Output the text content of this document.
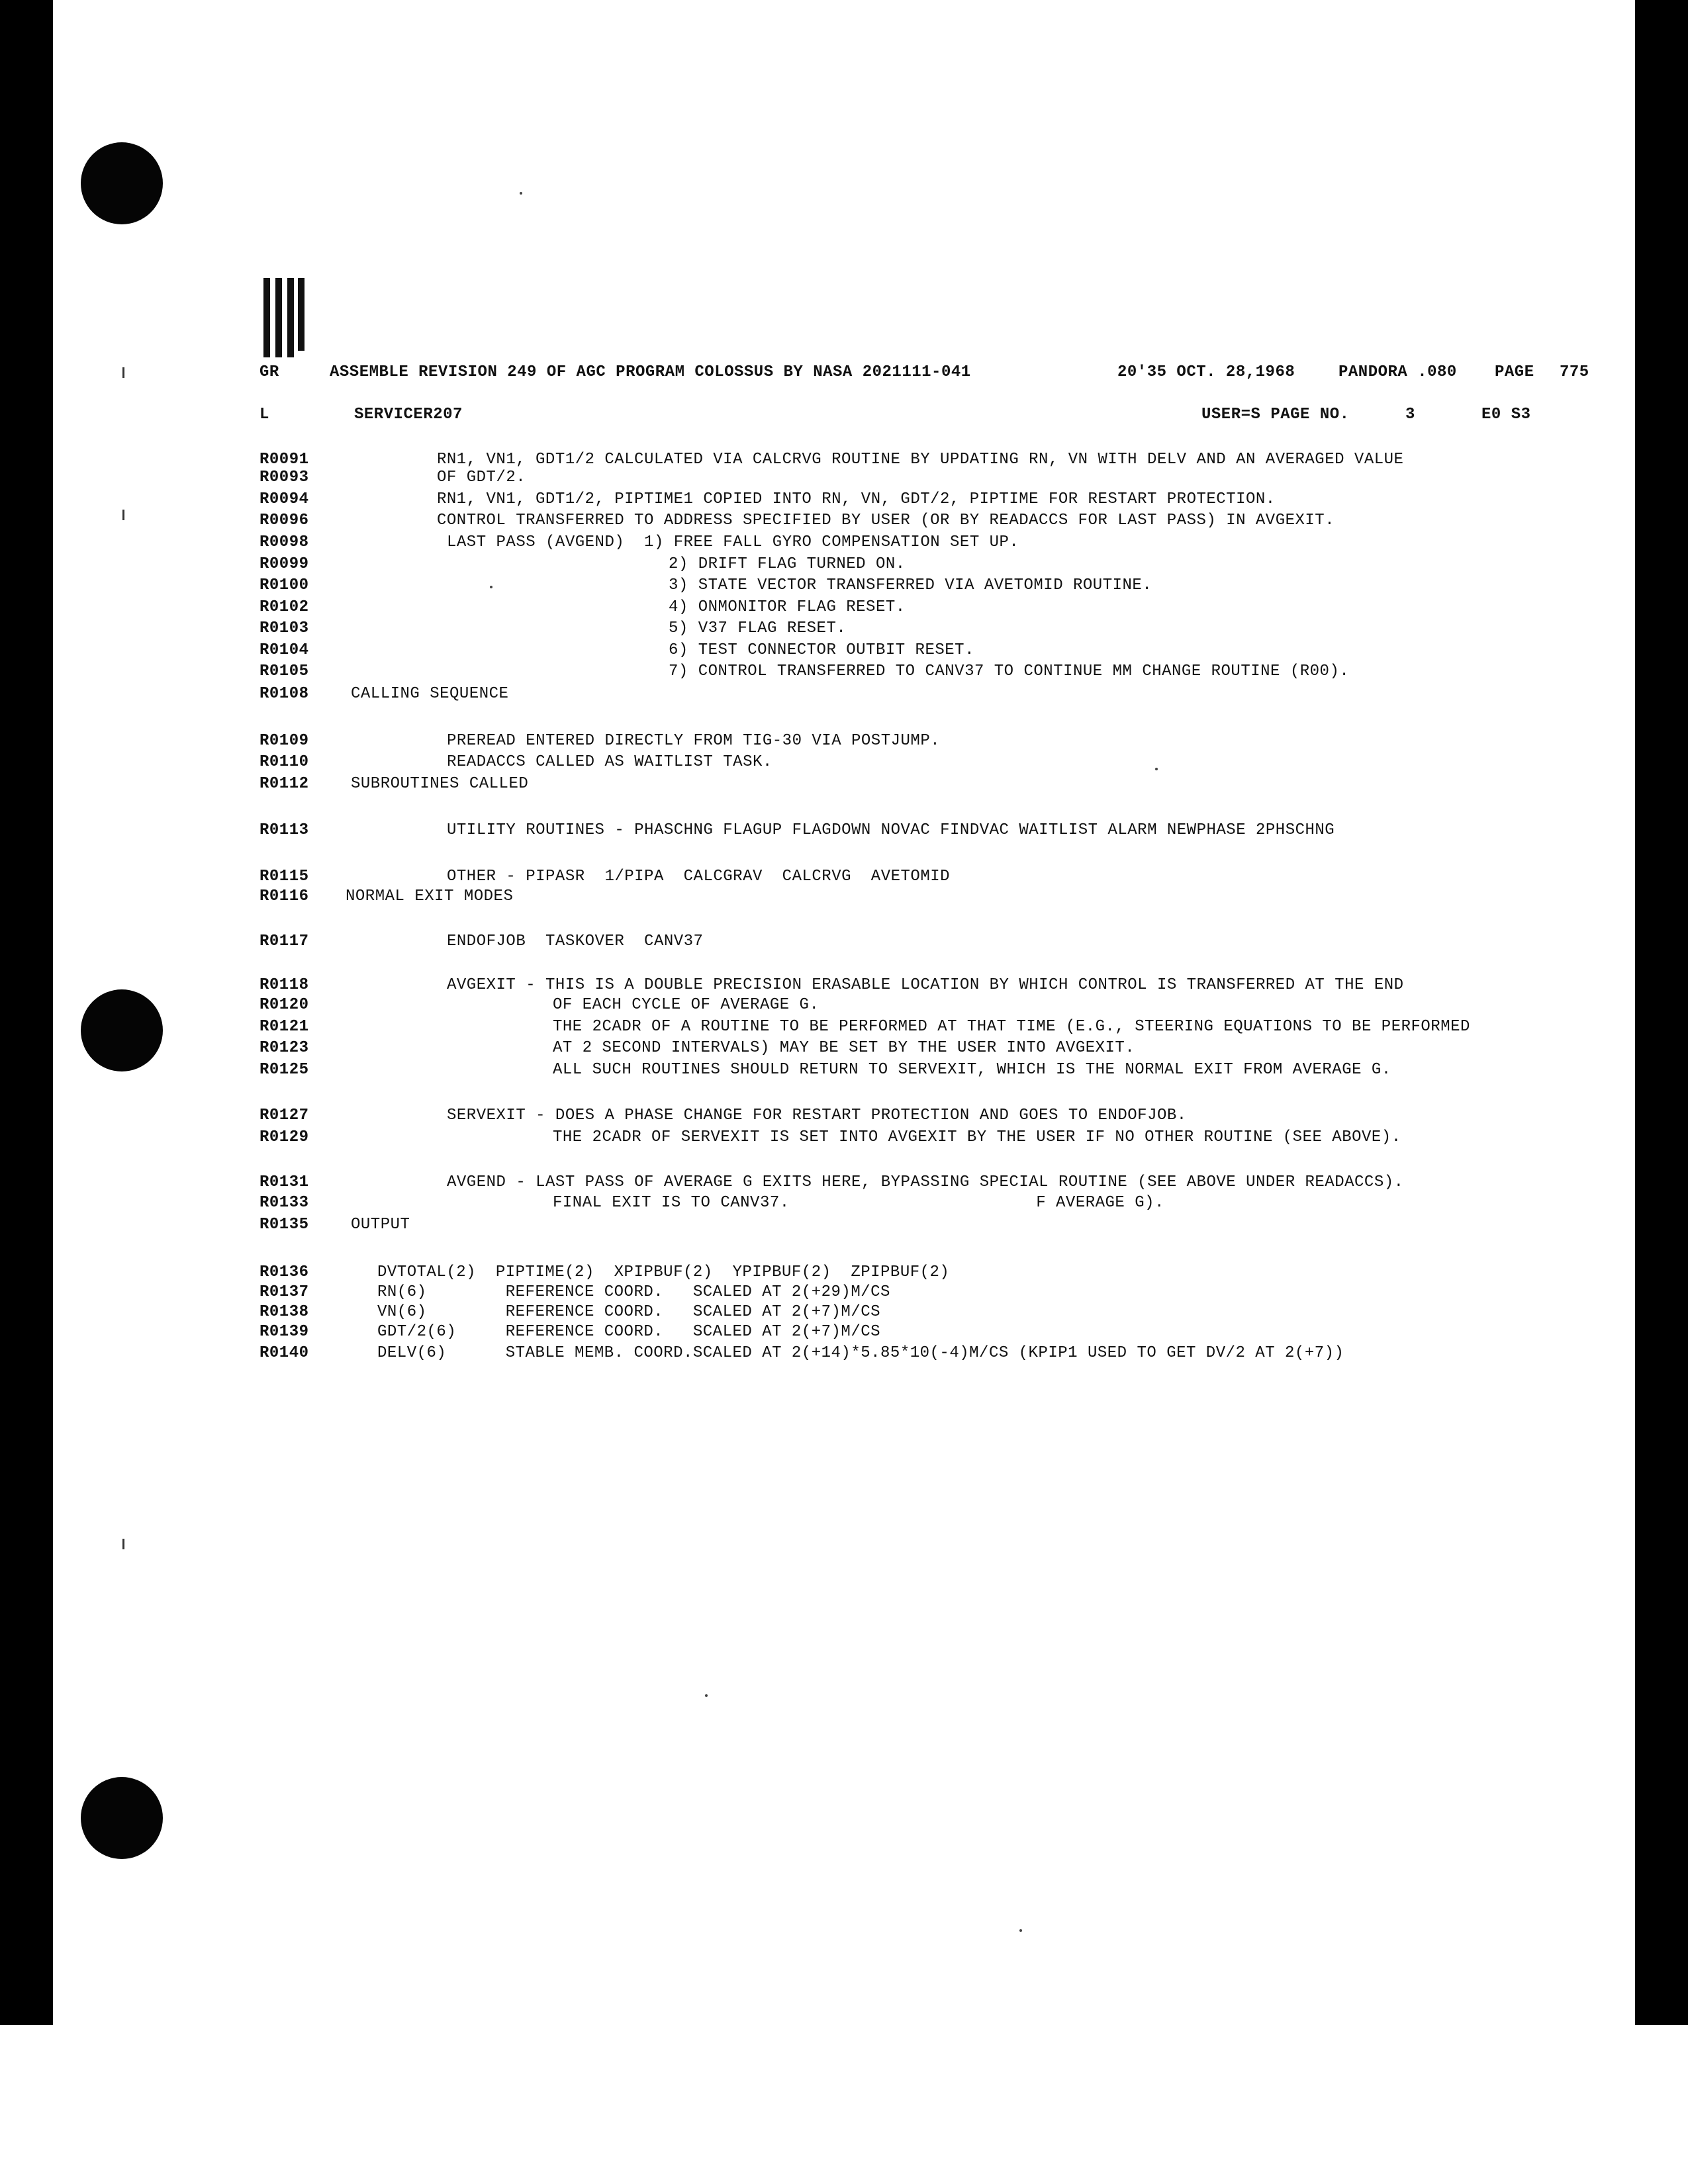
GR	ASSEMBLE REVISION 249 OF AGC PROGRAM COLOSSUS BY NASA 2021111-041	20'35 OCT. 28,1968	PANDORA .080 PAGE 775
L	SERVICER207	USER=S PAGE NO.	3	E0 S3
R0091	RN1, VN1, GDT1/2 CALCULATED VIA CALCRVG ROUTINE BY UPDATING RN, VN WITH DELV AND AN AVERAGED VALUE
R0093	OF GDT/2.
R0094	RN1, VN1, GDT1/2, PIPTIME1 COPIED INTO RN, VN, GDT/2, PIPTIME FOR RESTART PROTECTION.
R0096	CONTROL TRANSFERRED TO ADDRESS SPECIFIED BY USER (OR BY READACCS FOR LAST PASS) IN AVGEXIT.
R0098	LAST PASS (AVGEND)  1) FREE FALL GYRO COMPENSATION SET UP.
R0099	2) DRIFT FLAG TURNED ON.
R0100	3) STATE VECTOR TRANSFERRED VIA AVETOMID ROUTINE.
R0102	4) ONMONITOR FLAG RESET.
R0103	5) V37 FLAG RESET.
R0104	6) TEST CONNECTOR OUTBIT RESET.
R0105	7) CONTROL TRANSFERRED TO CANV37 TO CONTINUE MM CHANGE ROUTINE (R00).
R0108	CALLING SEQUENCE
R0109	PREREAD ENTERED DIRECTLY FROM TIG-30 VIA POSTJUMP.
R0110	READACCS CALLED AS WAITLIST TASK.
R0112	SUBROUTINES CALLED
R0113	UTILITY ROUTINES - PHASCHNG FLAGUP FLAGDOWN NOVAC FINDVAC WAITLIST ALARM NEWPHASE 2PHSCHNG
R0115	OTHER - PIPASR  1/PIPA  CALCGRAV  CALCRVG  AVETOMID
R0116 NORMAL EXIT MODES
R0117	ENDOFJOB  TASKOVER  CANV37
R0118	AVGEXIT - THIS IS A DOUBLE PRECISION ERASABLE LOCATION BY WHICH CONTROL IS TRANSFERRED AT THE END
R0120	OF EACH CYCLE OF AVERAGE G.
R0121	THE 2CADR OF A ROUTINE TO BE PERFORMED AT THAT TIME (E.G., STEERING EQUATIONS TO BE PERFORMED
R0123	AT 2 SECOND INTERVALS) MAY BE SET BY THE USER INTO AVGEXIT.
R0125	ALL SUCH ROUTINES SHOULD RETURN TO SERVEXIT, WHICH IS THE NORMAL EXIT FROM AVERAGE G.
R0127	SERVEXIT - DOES A PHASE CHANGE FOR RESTART PROTECTION AND GOES TO ENDOFJOB.
R0129	THE 2CADR OF SERVEXIT IS SET INTO AVGEXIT BY THE USER IF NO OTHER ROUTINE (SEE ABOVE).
R0131	AVGEND - LAST PASS OF AVERAGE G EXITS HERE, BYPASSING SPECIAL ROUTINE (SEE ABOVE UNDER READACCS).
R0133	FINAL EXIT IS TO CANV37.                         F AVERAGE G).
R0135	OUTPUT
R0136	DVTOTAL(2)  PIPTIME(2)  XPIPBUF(2)  YPIPBUF(2)  ZPIPBUF(2)
R0137	RN(6)        REFERENCE COORD.   SCALED AT 2(+29)M/CS
R0138	VN(6)        REFERENCE COORD.   SCALED AT 2(+7)M/CS
R0139	GDT/2(6)     REFERENCE COORD.   SCALED AT 2(+7)M/CS
R0140	DELV(6)      STABLE MEMB. COORD.SCALED AT 2(+14)*5.85*10(-4)M/CS (KPIP1 USED TO GET DV/2 AT 2(+7))
